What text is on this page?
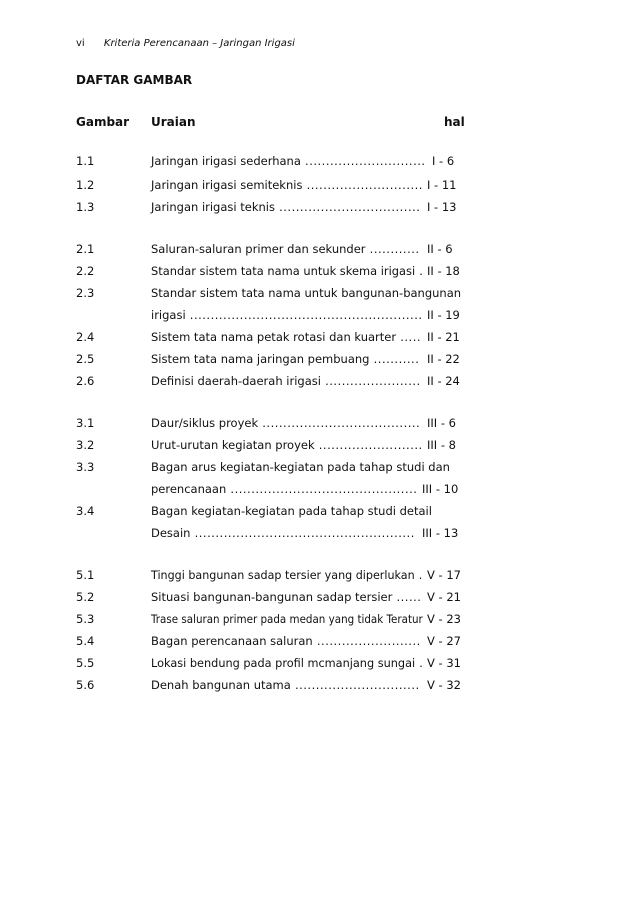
vi Kriteria Perencanaan – Jaringan Irigasi
DAFTAR GAMBAR
Gambar Uraian	hal
1.1	Jaringan irigasi sederhana ............................. I - 6
1.2	Jaringan irigasi semiteknis ............................ I - 11
1.3	Jaringan irigasi teknis .................................. I - 13
2.1	Saluran-saluran primer dan sekunder ............ II - 6
2.2	Standar sistem tata nama untuk skema irigasi . II - 18
2.3	Standar sistem tata nama untuk bangunan-bangunan
irigasi ........................................................ II - 19
2.4	Sistem tata nama petak rotasi dan kuarter ..... II - 21
2.5	Sistem tata nama jaringan pembuang ........... II - 22
2.6	Definisi daerah-daerah irigasi ....................... II - 24
3.1	Daur/siklus proyek ...................................... III - 6
3.2	Urut-urutan kegiatan proyek ......................... III - 8
3.3	Bagan arus kegiatan-kegiatan pada tahap studi dan
perencanaan ............................................. III - 10
3.4	Bagan kegiatan-kegiatan pada tahap studi detail
Desain ..................................................... III - 13
5.1	Tinggi bangunan sadap tersier yang diperlukan . V - 17
5.2	Situasi bangunan-bangunan sadap tersier ...... V - 21
5.3	Trase saluran primer pada medan yang tidak Teratur V - 23
5.4	Bagan perencanaan saluran ......................... V - 27
5.5	Lokasi bendung pada profil mcmanjang sungai . V - 31
5.6	Denah bangunan utama .............................. V - 32
